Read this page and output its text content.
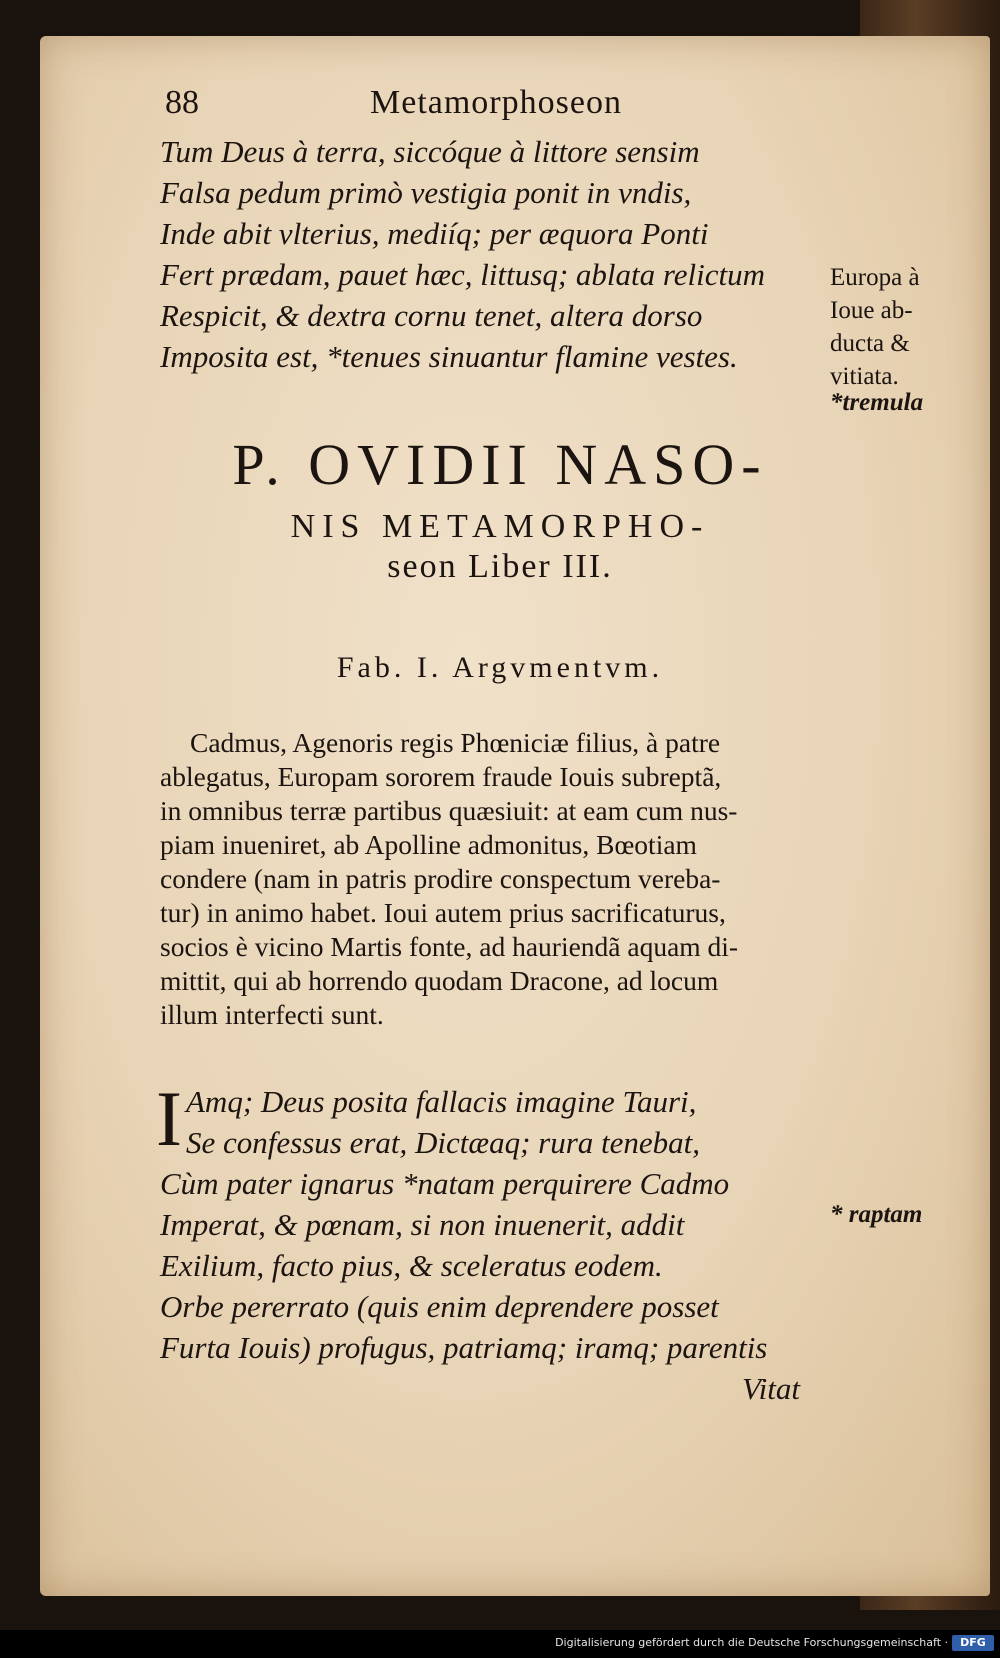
88	Metamorphoseon
Tum Deus à terra, siccóque à littore sensim
Falsa pedum primò vestigia ponit in vndis,
Inde abit vlterius, mediíq; per æquora Ponti
Fert prædam, pauet hæc, littusq; ablata relictum
Respicit, & dextra cornu tenet, altera dorso
Imposita est, *tenues sinuantur flamine vestes.
Europa à
Ioue ab-
ducta &
vitiata.
*tremula
P. OVIDII NASO-
NIS METAMORPHO-
seon Liber III.
Fab. I. Argvmentvm.
Cadmus, Agenoris regis Phœniciæ filius, à patre
ablegatus, Europam sororem fraude Iouis subreptã,
in omnibus terræ partibus quæsiuit: at eam cum nus-
piam inueniret, ab Apolline admonitus, Bœotiam
condere (nam in patris prodire conspectum vereba-
tur) in animo habet. Ioui autem prius sacrificaturus,
socios è vicino Martis fonte, ad hauriendã aquam di-
mittit, qui ab horrendo quodam Dracone, ad locum
illum interfecti sunt.
I Amq; Deus posita fallacis imagine Tauri,
Se confessus erat, Dictæaq; rura tenebat,
Cùm pater ignarus *natam perquirere Cadmo
Imperat, & pœnam, si non inuenerit, addit
Exilium, facto pius, & sceleratus eodem.
Orbe pererrato (quis enim deprendere posset
Furta Iouis) profugus, patriamq; iramq; parentis
Vitat
* raptam
Digitalisierung gefördert durch die Deutsche Forschungsgemeinschaft ·	DFG
